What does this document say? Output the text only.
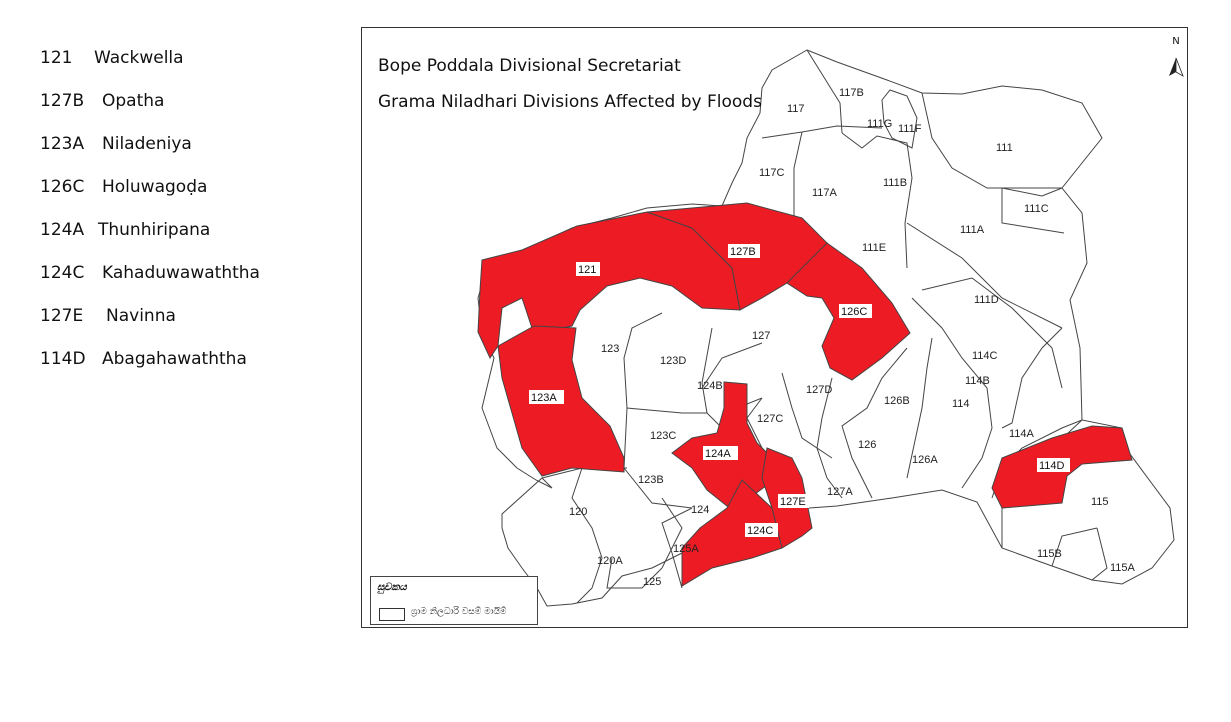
121 Wackwella
127B Opatha
123A Niladeniya
126C Holuwagoḍa
124A Thunhiripana
124C Kahaduwawaththa
127E Navinna
114D Abagahawaththa
117
117B
111G 111F
111
117C
117A
111B
111C
111A
111E
111D
121
127B
126C
123
123D
127
114C
114B
124B	127D
123A	126B	114
127C
123C	114A
126
124A	126A	114D
123B
127A
127E	115
120	124
124C
125A
120A
115B
125
115A
Bope Poddala Divisional Secretariat
Grama Niladhari Divisions Affected by Floods
N
සුචකය
ග්‍රාම නිලධාරි වසම් මායිම්
